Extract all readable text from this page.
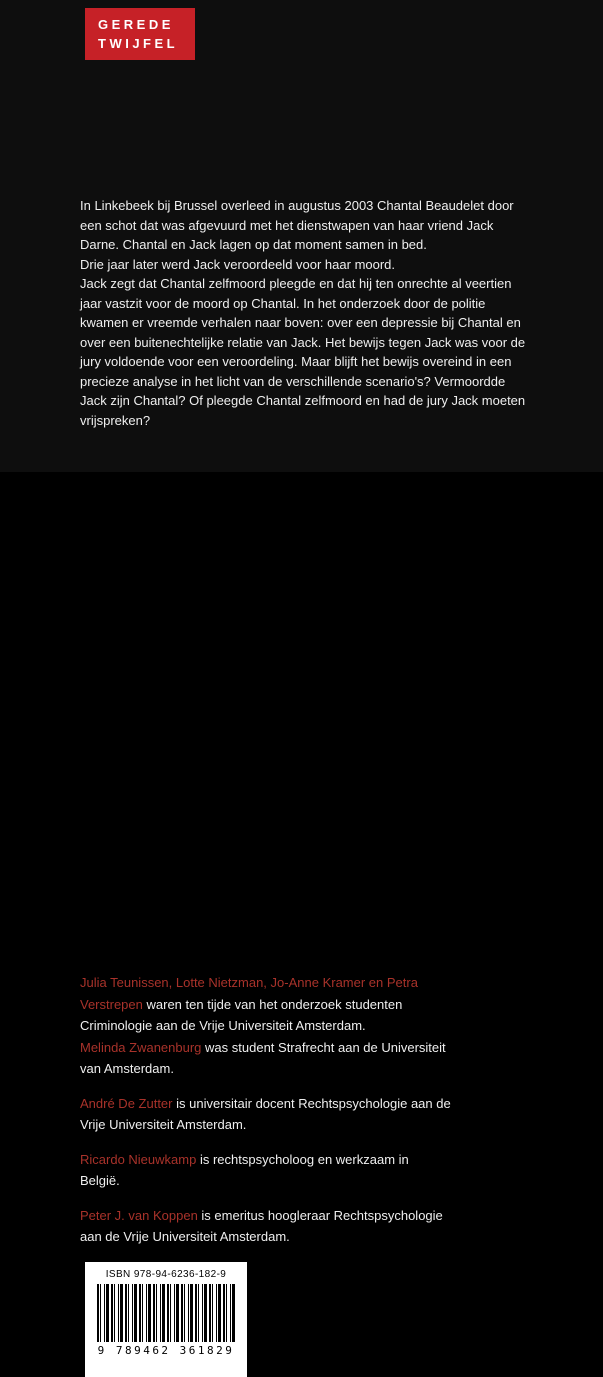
GEREDE
TWIJFEL

In Linkebeek bij Brussel overleed in augustus 2003 Chantal Beaudelet door een schot dat was afgevuurd met het dienstwapen van haar vriend Jack Darne. Chantal en Jack lagen op dat moment samen in bed.

Drie jaar later werd Jack veroordeeld voor haar moord.

Jack zegt dat Chantal zelfmoord pleegde en dat hij ten onrechte al veertien jaar vastzit voor de moord op Chantal. In het onderzoek door de politie kwamen er vreemde verhalen naar boven: over een depressie bij Chantal en over een buitenechtelijke relatie van Jack. Het bewijs tegen Jack was voor de jury voldoende voor een veroordeling. Maar blijft het bewijs overeind in een precieze analyse in het licht van de verschillende scenario's? Vermoordde Jack zijn Chantal? Of pleegde Chantal zelfmoord en had de jury Jack moeten vrijspreken?

Julia Teunissen, Lotte Nietzman, Jo-Anne Kramer en Petra Verstrepen waren ten tijde van het onderzoek studenten Criminologie aan de Vrije Universiteit Amsterdam.

Melinda Zwanenburg was student Strafrecht aan de Universiteit van Amsterdam.

André De Zutter is universitair docent Rechtspsychologie aan de Vrije Universiteit Amsterdam.

Ricardo Nieuwkamp is rechtspsycholoog en werkzaam in België.

Peter J. van Koppen is emeritus hoogleraar Rechtspsychologie aan de Vrije Universiteit Amsterdam.

ISBN 978-94-6236-182-9
9 789462 361829
